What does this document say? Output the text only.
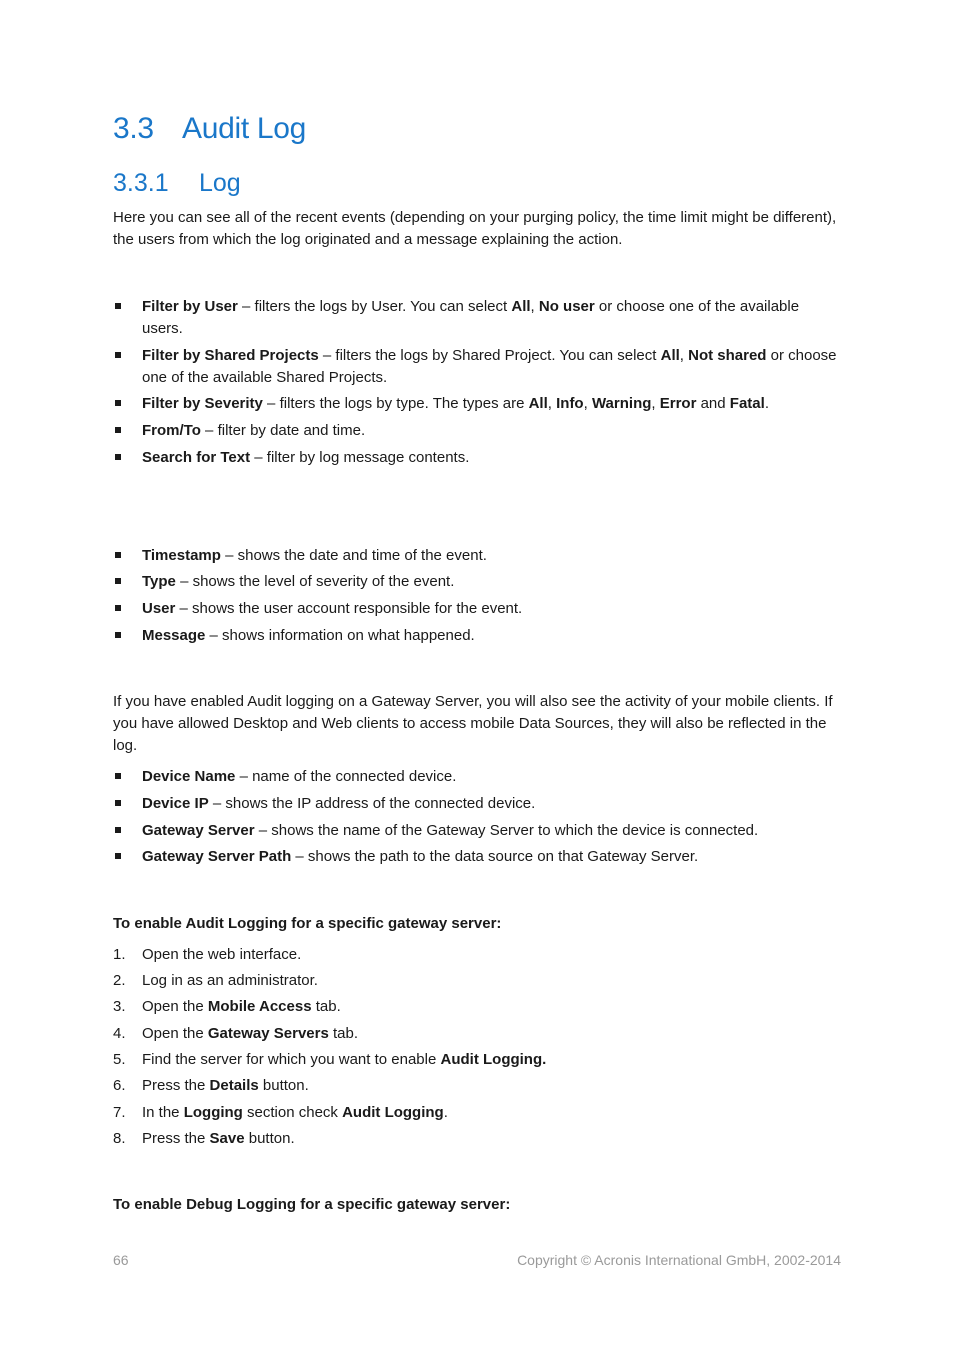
3.3 Audit Log
3.3.1 Log
Here you can see all of the recent events (depending on your purging policy, the time limit might be different), the users from which the log originated and a message explaining the action.
Filter by User – filters the logs by User. You can select All, No user or choose one of the available users.
Filter by Shared Projects – filters the logs by Shared Project. You can select All, Not shared or choose one of the available Shared Projects.
Filter by Severity – filters the logs by type. The types are All, Info, Warning, Error and Fatal.
From/To – filter by date and time.
Search for Text – filter by log message contents.
Timestamp – shows the date and time of the event.
Type – shows the level of severity of the event.
User – shows the user account responsible for the event.
Message – shows information on what happened.
If you have enabled Audit logging on a Gateway Server, you will also see the activity of your mobile clients. If you have allowed Desktop and Web clients to access mobile Data Sources, they will also be reflected in the log.
Device Name – name of the connected device.
Device IP – shows the IP address of the connected device.
Gateway Server – shows the name of the Gateway Server to which the device is connected.
Gateway Server Path – shows the path to the data source on that Gateway Server.
To enable Audit Logging for a specific gateway server:
1. Open the web interface.
2. Log in as an administrator.
3. Open the Mobile Access tab.
4. Open the Gateway Servers tab.
5. Find the server for which you want to enable Audit Logging.
6. Press the Details button.
7. In the Logging section check Audit Logging.
8. Press the Save button.
To enable Debug Logging for a specific gateway server:
66	Copyright © Acronis International GmbH, 2002-2014
